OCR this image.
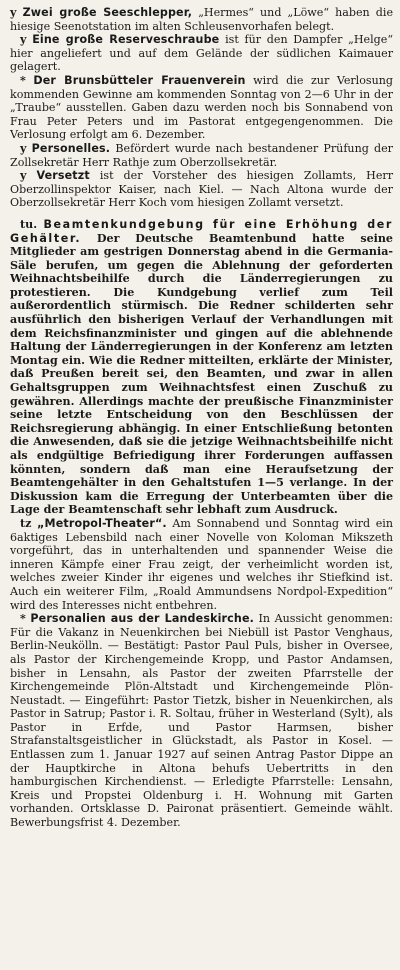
y Zwei große Seeschlepper, „Hermes“ und „Löwe“ haben die hiesige Seenotstation im alten Schleusenvorhafen belegt.

y Eine große Reserveschraube ist für den Dampfer „Helge“ hier angeliefert und auf dem Gelände der südlichen Kaimauer gelagert.

* Der Brunsbütteler Frauenverein wird die zur Verlosung kommenden Gewinne am kommenden Sonntag von 2—6 Uhr in der „Traube“ ausstellen. Gaben dazu werden noch bis Sonnabend von Frau Peter Peters und im Pastorat entgegengenommen. Die Verlosung erfolgt am 6. Dezember.

y Personelles. Befördert wurde nach bestandener Prüfung der Zollsekretär Herr Rathje zum Oberzollsekretär.

y Versetzt ist der Vorsteher des hiesigen Zollamts, Herr Oberzollinspektor Kaiser, nach Kiel. — Nach Altona wurde der Oberzollsekretär Herr Koch vom hiesigen Zollamt versetzt.

tu. Beamtenkundgebung für eine Erhöhung der Gehälter. Der Deutsche Beamtenbund hatte seine Mitglieder am gestrigen Donnerstag abend in die Germania-Säle berufen, um gegen die Ablehnung der geforderten Weihnachtsbeihilfe durch die Länderregierungen zu protestieren. Die Kundgebung verlief zum Teil außerordentlich stürmisch. Die Redner schilderten sehr ausführlich den bisherigen Verlauf der Verhandlungen mit dem Reichsfinanzminister und gingen auf die ablehnende Haltung der Länderregierungen in der Konferenz am letzten Montag ein. Wie die Redner mitteilten, erklärte der Minister, daß Preußen bereit sei, den Beamten, und zwar in allen Gehaltsgruppen zum Weihnachtsfest einen Zuschuß zu gewähren. Allerdings machte der preußische Finanzminister seine letzte Entscheidung von den Beschlüssen der Reichsregierung abhängig. In einer Entschließung betonten die Anwesenden, daß sie die jetzige Weihnachtsbeihilfe nicht als endgültige Befriedigung ihrer Forderungen auffassen könnten, sondern daß man eine Heraufsetzung der Beamtengehälter in den Gehaltstufen 1—5 verlange. In der Diskussion kam die Erregung der Unterbeamten über die Lage der Beamtenschaft sehr lebhaft zum Ausdruck.

tz „Metropol-Theater“. Am Sonnabend und Sonntag wird ein 6aktiges Lebensbild nach einer Novelle von Koloman Mikszeth vorgeführt, das in unterhaltenden und spannender Weise die inneren Kämpfe einer Frau zeigt, der verheimlicht worden ist, welches zweier Kinder ihr eigenes und welches ihr Stiefkind ist. Auch ein weiterer Film, „Roald Ammundsens Nordpol-Expedition“ wird des Interesses nicht entbehren.

* Personalien aus der Landeskirche. In Aussicht genommen: Für die Vakanz in Neuenkirchen bei Niebüll ist Pastor Venghaus, Berlin-Neukölln. — Bestätigt: Pastor Paul Puls, bisher in Oversee, als Pastor der Kirchengemeinde Kropp, und Pastor Andamsen, bisher in Lensahn, als Pastor der zweiten Pfarrstelle der Kirchengemeinde Plön-Altstadt und Kirchengemeinde Plön-Neustadt. — Eingeführt: Pastor Tietzk, bisher in Neuenkirchen, als Pastor in Satrup; Pastor i. R. Soltau, früher in Westerland (Sylt), als Pastor in Erfde, und Pastor Harmsen, bisher Strafanstaltsgeistlicher in Glückstadt, als Pastor in Kosel. — Entlassen zum 1. Januar 1927 auf seinen Antrag Pastor Dippe an der Hauptkirche in Altona behufs Uebertritts in den hamburgischen Kirchendienst. — Erledigte Pfarrstelle: Lensahn, Kreis und Propstei Oldenburg i. H. Wohnung mit Garten vorhanden. Ortsklasse D. Paironat präsentiert. Gemeinde wählt. Bewerbungsfrist 4. Dezember.
